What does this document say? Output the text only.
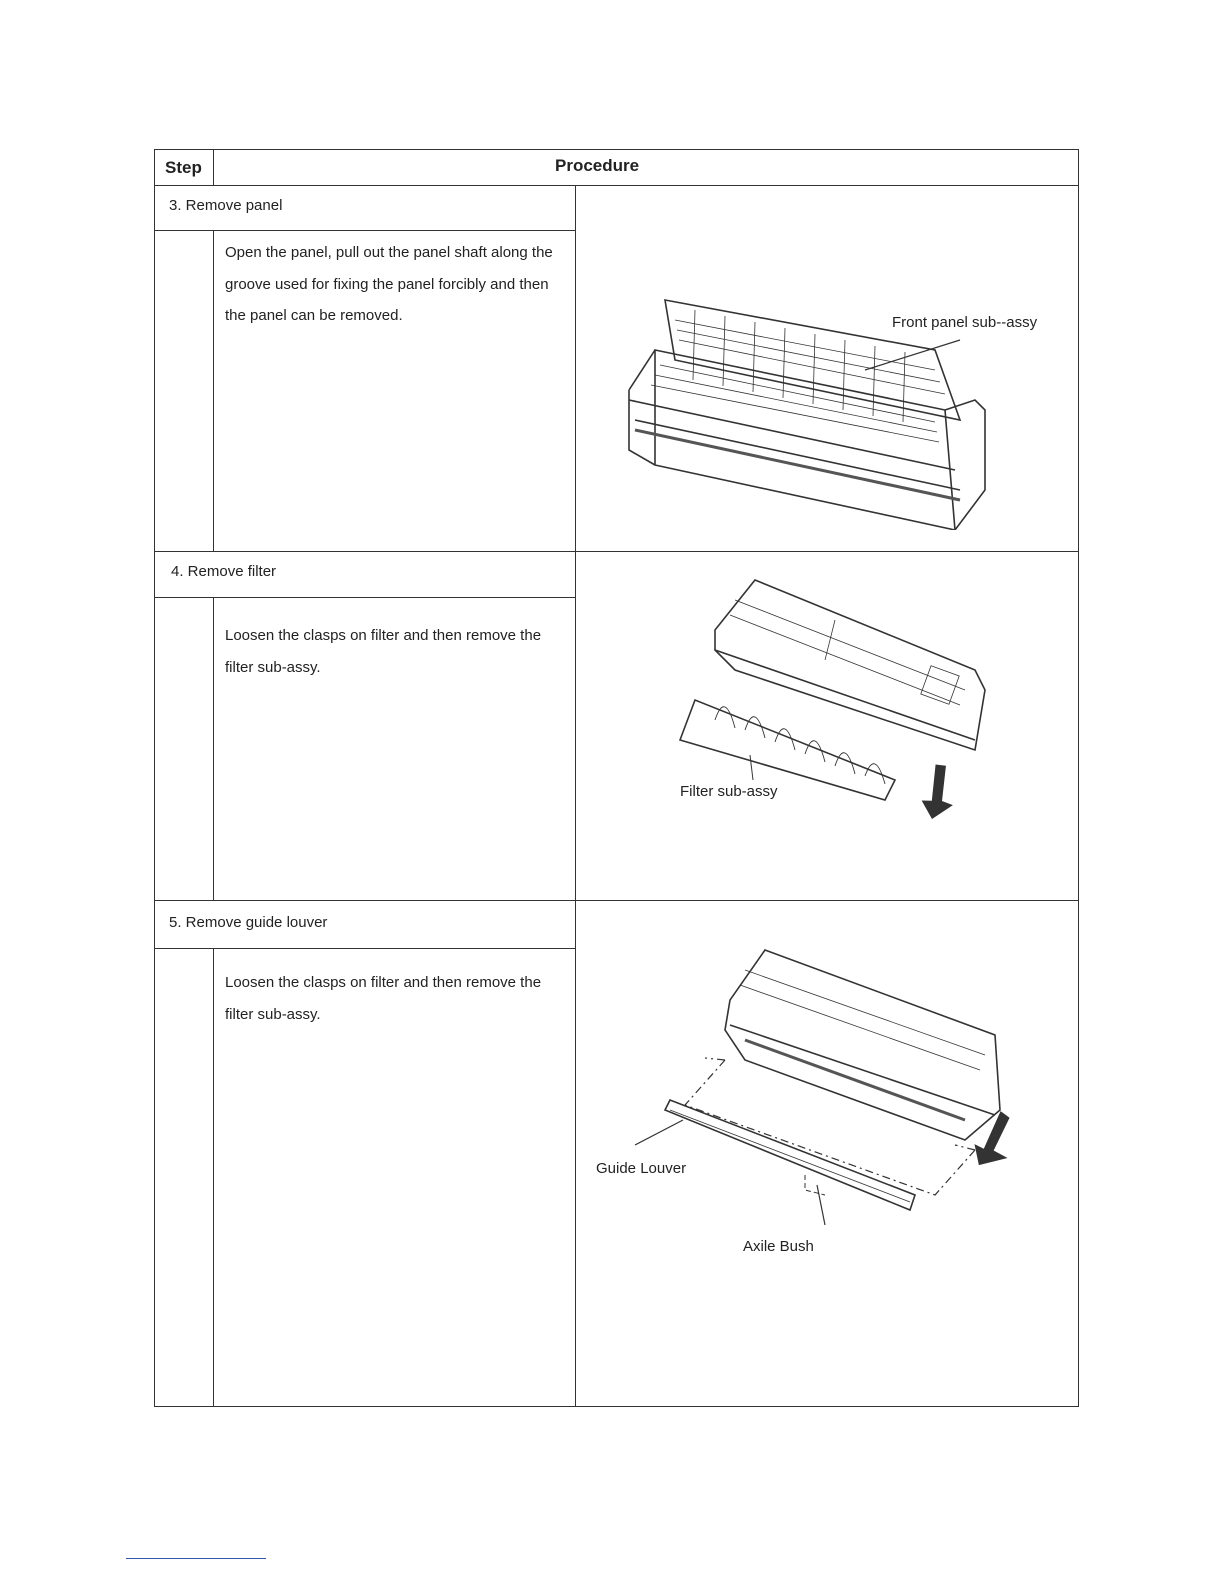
Step	Procedure
3. Remove panel
Open the panel, pull out the panel shaft along the groove used for fixing the panel forcibly and then the panel can be removed.
4. Remove filter
Loosen the clasps on filter and then remove the filter sub-assy.
5. Remove guide louver
Loosen the clasps on filter and then remove the filter sub-assy.
Front panel sub--assy
Filter sub-assy
Guide Louver
Axile Bush
